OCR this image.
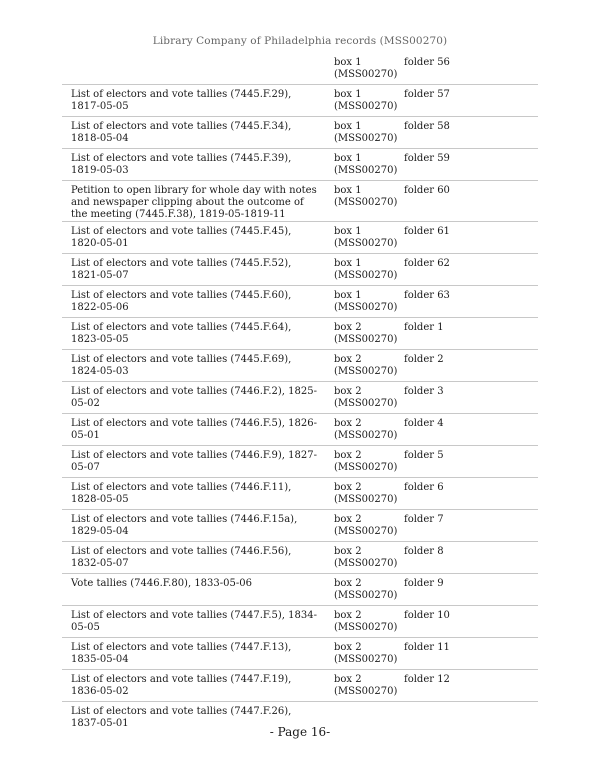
Library Company of Philadelphia records (MSS00270)
box 1
(MSS00270)
folder 56
List of electors and vote tallies (7445.F.29), 1817-05-05
box 1
(MSS00270)
folder 57
List of electors and vote tallies (7445.F.34), 1818-05-04
box 1
(MSS00270)
folder 58
List of electors and vote tallies (7445.F.39), 1819-05-03
box 1
(MSS00270)
folder 59
Petition to open library for whole day with notes and newspaper clipping about the outcome of the meeting (7445.F.38), 1819-05-1819-11
box 1
(MSS00270)
folder 60
List of electors and vote tallies (7445.F.45), 1820-05-01
box 1
(MSS00270)
folder 61
List of electors and vote tallies (7445.F.52), 1821-05-07
box 1
(MSS00270)
folder 62
List of electors and vote tallies (7445.F.60), 1822-05-06
box 1
(MSS00270)
folder 63
List of electors and vote tallies (7445.F.64), 1823-05-05
box 2
(MSS00270)
folder 1
List of electors and vote tallies (7445.F.69), 1824-05-03
box 2
(MSS00270)
folder 2
List of electors and vote tallies (7446.F.2), 1825-05-02
box 2
(MSS00270)
folder 3
List of electors and vote tallies (7446.F.5), 1826-05-01
box 2
(MSS00270)
folder 4
List of electors and vote tallies (7446.F.9), 1827-05-07
box 2
(MSS00270)
folder 5
List of electors and vote tallies (7446.F.11), 1828-05-05
box 2
(MSS00270)
folder 6
List of electors and vote tallies (7446.F.15a), 1829-05-04
box 2
(MSS00270)
folder 7
List of electors and vote tallies (7446.F.56), 1832-05-07
box 2
(MSS00270)
folder 8
Vote tallies (7446.F.80), 1833-05-06	box 2
(MSS00270)
folder 9
List of electors and vote tallies (7447.F.5), 1834-05-05
box 2
(MSS00270)
folder 10
List of electors and vote tallies (7447.F.13), 1835-05-04
box 2
(MSS00270)
folder 11
List of electors and vote tallies (7447.F.19), 1836-05-02
box 2
(MSS00270)
folder 12
List of electors and vote tallies (7447.F.26), 1837-05-01
- Page 16-
